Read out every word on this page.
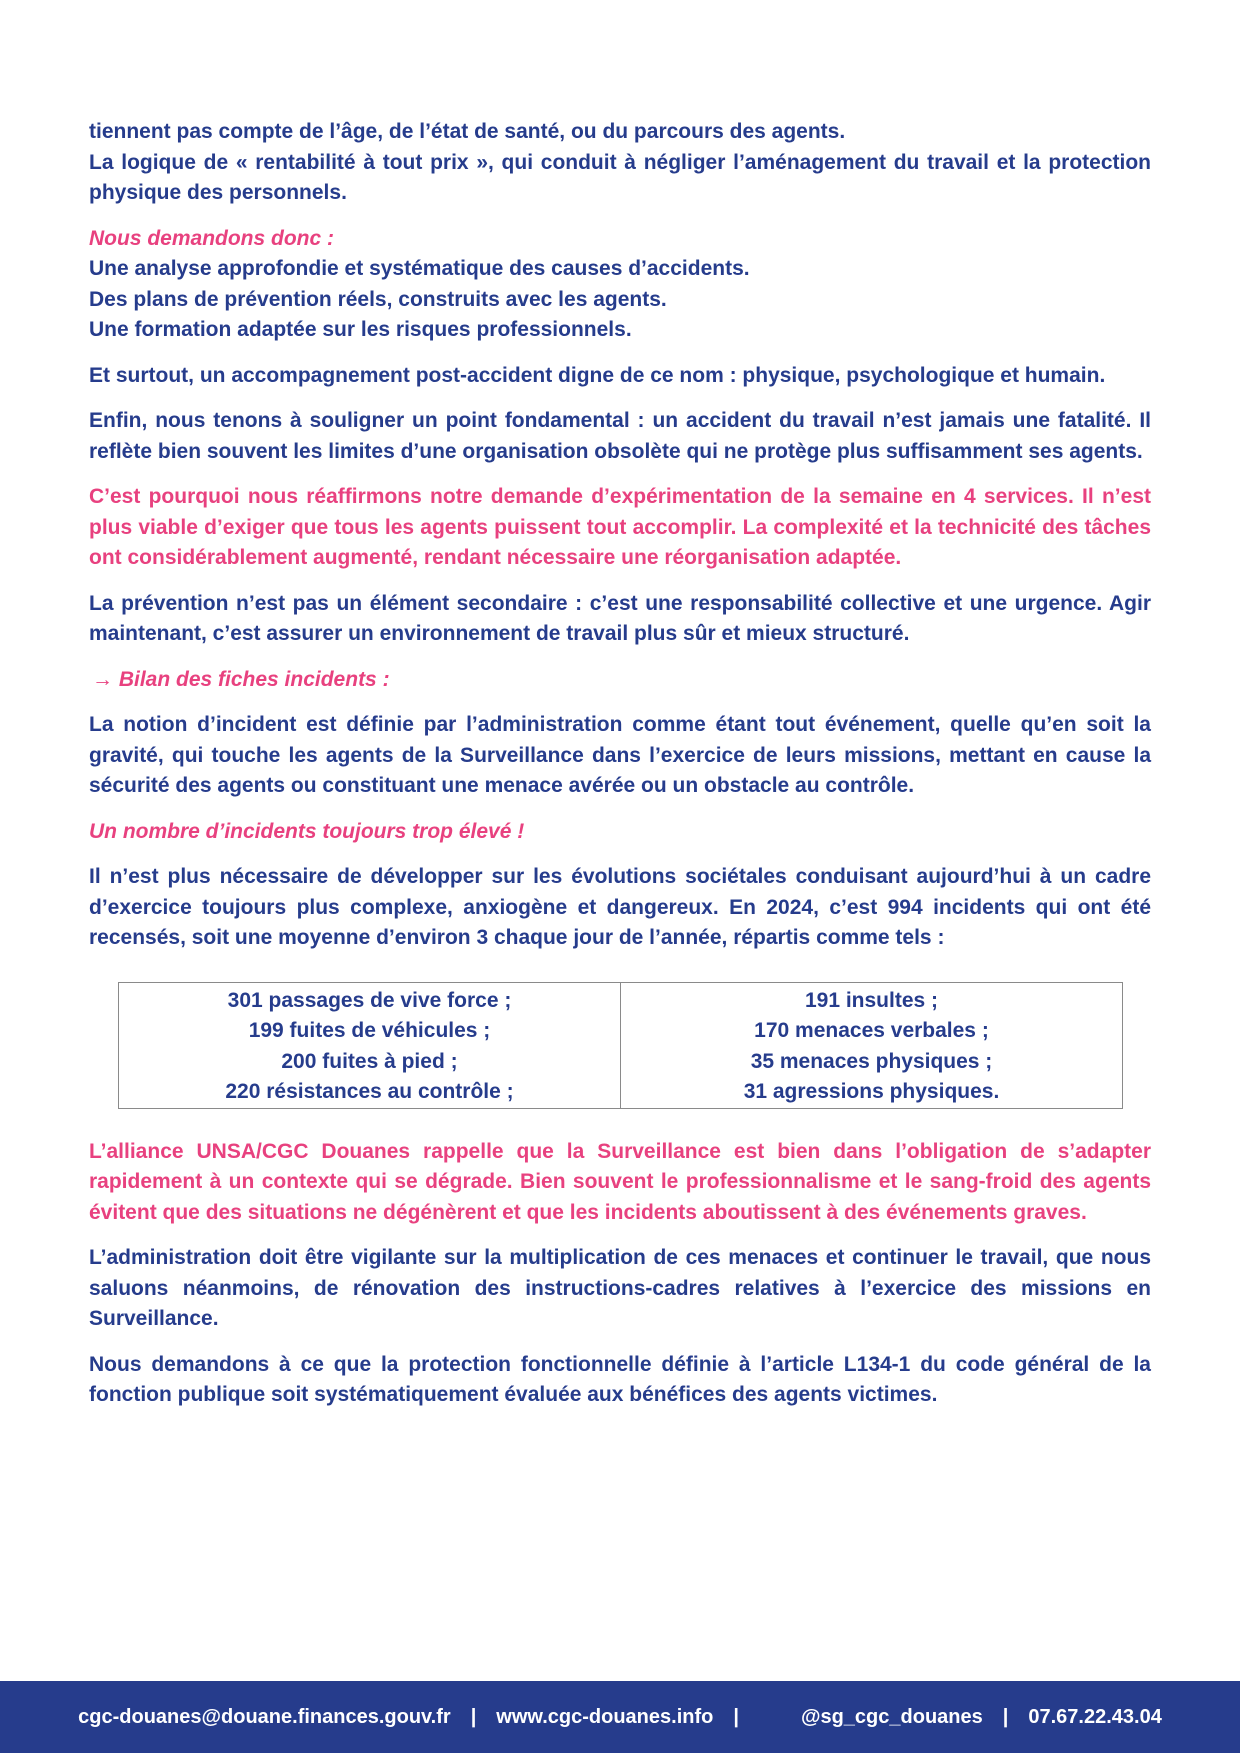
tiennent pas compte de l’âge, de l’état de santé, ou du parcours des agents.

La logique de « rentabilité à tout prix », qui conduit à négliger l’aménagement du travail et la protection physique des personnels.

Nous demandons donc :

Une analyse approfondie et systématique des causes d’accidents.

Des plans de prévention réels, construits avec les agents.

Une formation adaptée sur les risques professionnels.

Et surtout, un accompagnement post-accident digne de ce nom : physique, psychologique et humain.

Enfin, nous tenons à souligner un point fondamental : un accident du travail n’est jamais une fatalité. Il reflète bien souvent les limites d’une organisation obsolète qui ne protège plus suffisamment ses agents.

C’est pourquoi nous réaffirmons notre demande d’expérimentation de la semaine en 4 services. Il n’est plus viable d’exiger que tous les agents puissent tout accomplir. La complexité et la technicité des tâches ont considérablement augmenté, rendant nécessaire une réorganisation adaptée.

La prévention n’est pas un élément secondaire : c’est une responsabilité collective et une urgence. Agir maintenant, c’est assurer un environnement de travail plus sûr et mieux structuré.

→ Bilan des fiches incidents :

La notion d’incident est définie par l’administration comme étant tout événement, quelle qu’en soit la gravité, qui touche les agents de la Surveillance dans l’exercice de leurs missions, mettant en cause la sécurité des agents ou constituant une menace avérée ou un obstacle au contrôle.

Un nombre d’incidents toujours trop élevé !

Il n’est plus nécessaire de développer sur les évolutions sociétales conduisant aujourd’hui à un cadre d’exercice toujours plus complexe, anxiogène et dangereux. En 2024, c’est 994 incidents qui ont été recensés, soit une moyenne d’environ 3 chaque jour de l’année, répartis comme tels :

301 passages de vive force ;
199 fuites de véhicules ;
200 fuites à pied ;
220 résistances au contrôle ;

191 insultes ;
170 menaces verbales ;
35 menaces physiques ;
31 agressions physiques.

L’alliance UNSA/CGC Douanes rappelle que la Surveillance est bien dans l’obligation de s’adapter rapidement à un contexte qui se dégrade. Bien souvent le professionnalisme et le sang-froid des agents évitent que des situations ne dégénèrent et que les incidents aboutissent à des événements graves.

L’administration doit être vigilante sur la multiplication de ces menaces et continuer le travail, que nous saluons néanmoins, de rénovation des instructions-cadres relatives à l’exercice des missions en Surveillance.

Nous demandons à ce que la protection fonctionnelle définie à l’article L134-1 du code général de la fonction publique soit systématiquement évaluée aux bénéfices des agents victimes.

cgc-douanes@douane.finances.gouv.fr | www.cgc-douanes.info |	@sg_cgc_douanes | 07.67.22.43.04
